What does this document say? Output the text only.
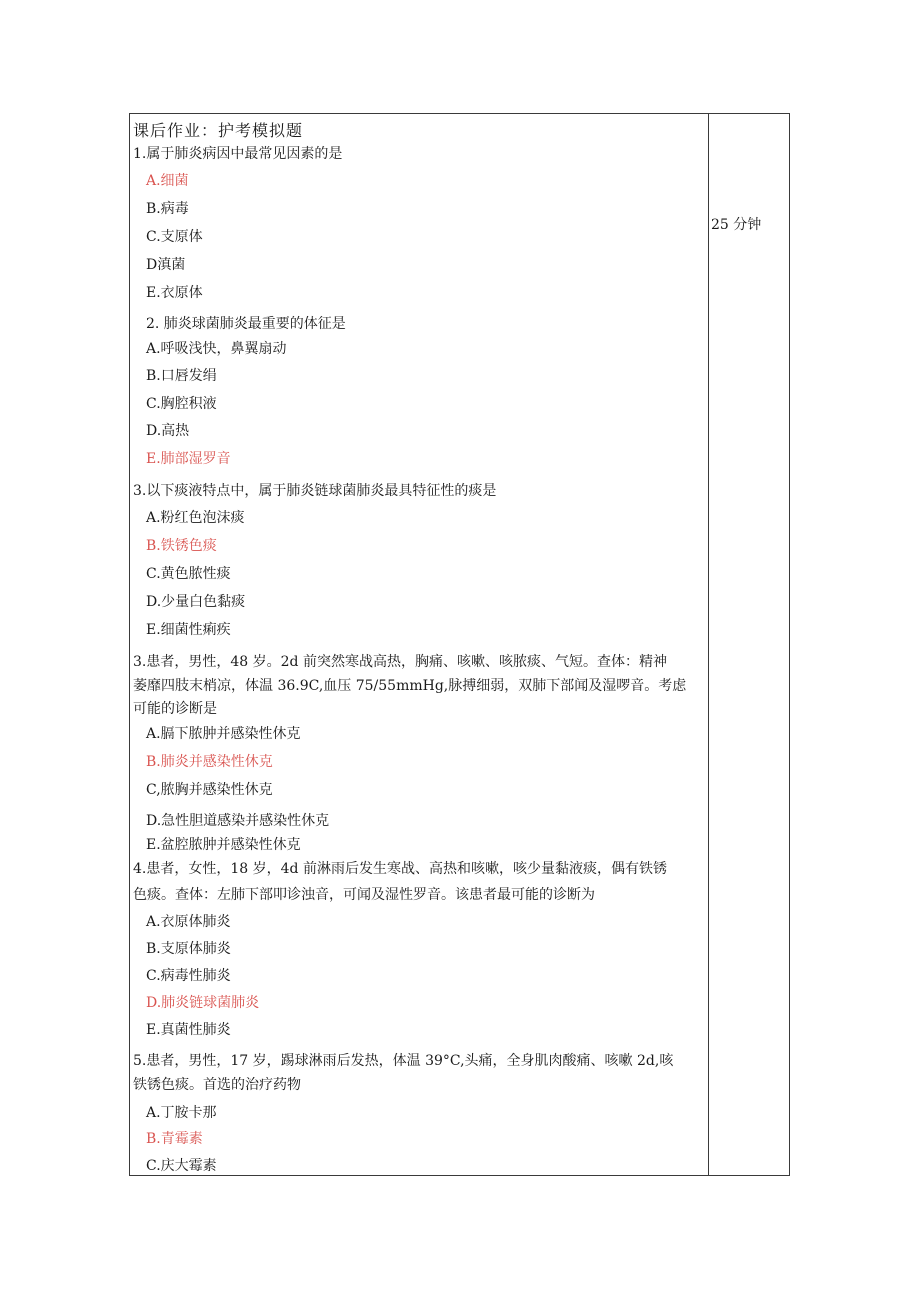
25 分钟
课后作业：护考模拟题
1.属于肺炎病因中最常见因素的是
A.细菌
B.病毒
C.支原体
D滇菌
E.衣原体
2. 肺炎球菌肺炎最重要的体征是
A.呼吸浅快，鼻翼扇动
B.口唇发绢
C.胸腔积液
D.高热
E.肺部湿罗音
3.以下痰液特点中，属于肺炎链球菌肺炎最具特征性的痰是
A.粉红色泡沫痰
B.铁锈色痰
C.黄色脓性痰
D.少量白色黏痰
E.细菌性痢疾
3.患者，男性，48 岁。2d 前突然寒战高热，胸痛、咳嗽、咳脓痰、气短。查体：精神
萎靡四肢末梢凉，体温 36.9C,血压 75/55mmHg,脉搏细弱，双肺下部闻及湿啰音。考虑
可能的诊断是
A.膈下脓肿并感染性休克
B.肺炎并感染性休克
C,脓胸并感染性休克
D.急性胆道感染并感染性休克
E.盆腔脓肿并感染性休克
4.患者，女性，18 岁，4d 前淋雨后发生寒战、高热和咳嗽，咳少量黏液痰，偶有铁锈
色痰。查体：左肺下部叩诊浊音，可闻及湿性罗音。该患者最可能的诊断为
A.衣原体肺炎
B.支原体肺炎
C.病毒性肺炎
D.肺炎链球菌肺炎
E.真菌性肺炎
5.患者，男性，17 岁，踢球淋雨后发热，体温 39°C,头痛，全身肌肉酸痛、咳嗽 2d,咳
铁锈色痰。首选的治疗药物
A.丁胺卡那
B.青霉素
C.庆大霉素
